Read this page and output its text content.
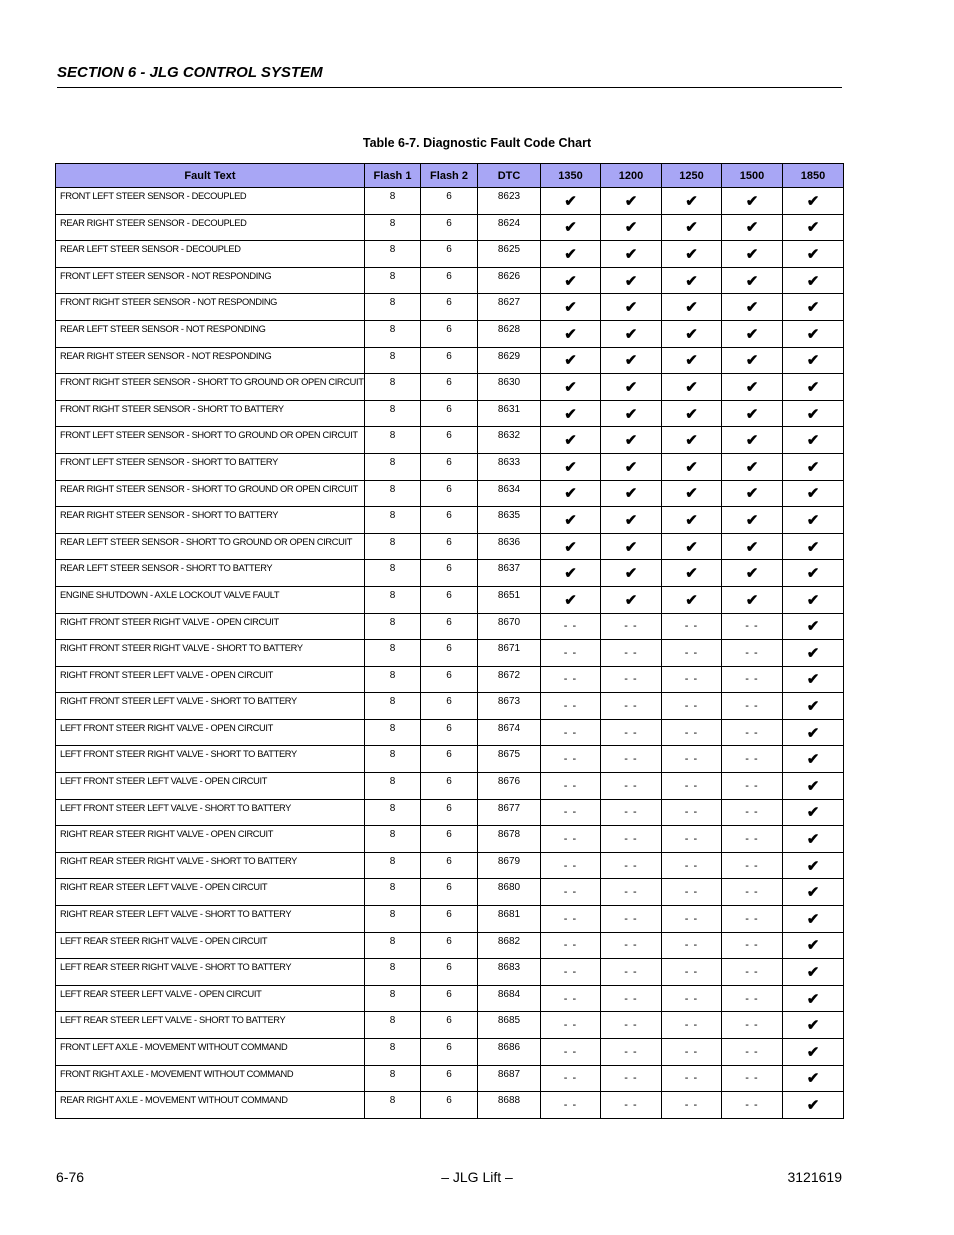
SECTION 6 - JLG CONTROL SYSTEM
Table 6-7. Diagnostic Fault Code Chart
Fault Text	Flash 1	Flash 2	DTC	1350	1200	1250	1500	1850
FRONT LEFT STEER SENSOR - DECOUPLED	8	6	8623	✔	✔	✔	✔	✔
REAR RIGHT STEER SENSOR - DECOUPLED	8	6	8624	✔	✔	✔	✔	✔
REAR LEFT STEER SENSOR - DECOUPLED	8	6	8625	✔	✔	✔	✔	✔
FRONT LEFT STEER SENSOR - NOT RESPONDING	8	6	8626	✔	✔	✔	✔	✔
FRONT RIGHT STEER SENSOR - NOT RESPONDING	8	6	8627	✔	✔	✔	✔	✔
REAR LEFT STEER SENSOR - NOT RESPONDING	8	6	8628	✔	✔	✔	✔	✔
REAR RIGHT STEER SENSOR - NOT RESPONDING	8	6	8629	✔	✔	✔	✔	✔
FRONT RIGHT STEER SENSOR - SHORT TO GROUND OR OPEN CIRCUIT	8	6	8630	✔	✔	✔	✔	✔
FRONT RIGHT STEER SENSOR - SHORT TO BATTERY	8	6	8631	✔	✔	✔	✔	✔
FRONT LEFT STEER SENSOR - SHORT TO GROUND OR OPEN CIRCUIT	8	6	8632	✔	✔	✔	✔	✔
FRONT LEFT STEER SENSOR - SHORT TO BATTERY	8	6	8633	✔	✔	✔	✔	✔
REAR RIGHT STEER SENSOR - SHORT TO GROUND OR OPEN CIRCUIT	8	6	8634	✔	✔	✔	✔	✔
REAR RIGHT STEER SENSOR - SHORT TO BATTERY	8	6	8635	✔	✔	✔	✔	✔
REAR LEFT STEER SENSOR - SHORT TO GROUND OR OPEN CIRCUIT	8	6	8636	✔	✔	✔	✔	✔
REAR LEFT STEER SENSOR - SHORT TO BATTERY	8	6	8637	✔	✔	✔	✔	✔
ENGINE SHUTDOWN - AXLE LOCKOUT VALVE FAULT	8	6	8651	✔	✔	✔	✔	✔
RIGHT FRONT STEER RIGHT VALVE - OPEN CIRCUIT	8	6	8670	- -	- -	- -	- -	✔
RIGHT FRONT STEER RIGHT VALVE - SHORT TO BATTERY	8	6	8671	- -	- -	- -	- -	✔
RIGHT FRONT STEER LEFT VALVE - OPEN CIRCUIT	8	6	8672	- -	- -	- -	- -	✔
RIGHT FRONT STEER LEFT VALVE - SHORT TO BATTERY	8	6	8673	- -	- -	- -	- -	✔
LEFT FRONT STEER RIGHT VALVE - OPEN CIRCUIT	8	6	8674	- -	- -	- -	- -	✔
LEFT FRONT STEER RIGHT VALVE - SHORT TO BATTERY	8	6	8675	- -	- -	- -	- -	✔
LEFT FRONT STEER LEFT VALVE - OPEN CIRCUIT	8	6	8676	- -	- -	- -	- -	✔
LEFT FRONT STEER LEFT VALVE - SHORT TO BATTERY	8	6	8677	- -	- -	- -	- -	✔
RIGHT REAR STEER RIGHT VALVE - OPEN CIRCUIT	8	6	8678	- -	- -	- -	- -	✔
RIGHT REAR STEER RIGHT VALVE - SHORT TO BATTERY	8	6	8679	- -	- -	- -	- -	✔
RIGHT REAR STEER LEFT VALVE - OPEN CIRCUIT	8	6	8680	- -	- -	- -	- -	✔
RIGHT REAR STEER LEFT VALVE - SHORT TO BATTERY	8	6	8681	- -	- -	- -	- -	✔
LEFT REAR STEER RIGHT VALVE - OPEN CIRCUIT	8	6	8682	- -	- -	- -	- -	✔
LEFT REAR STEER RIGHT VALVE - SHORT TO BATTERY	8	6	8683	- -	- -	- -	- -	✔
LEFT REAR STEER LEFT VALVE - OPEN CIRCUIT	8	6	8684	- -	- -	- -	- -	✔
LEFT REAR STEER LEFT VALVE - SHORT TO BATTERY	8	6	8685	- -	- -	- -	- -	✔
FRONT LEFT AXLE - MOVEMENT WITHOUT COMMAND	8	6	8686	- -	- -	- -	- -	✔
FRONT RIGHT AXLE - MOVEMENT WITHOUT COMMAND	8	6	8687	- -	- -	- -	- -	✔
REAR RIGHT AXLE - MOVEMENT WITHOUT COMMAND	8	6	8688	- -	- -	- -	- -	✔
6-76	– JLG Lift –	3121619
